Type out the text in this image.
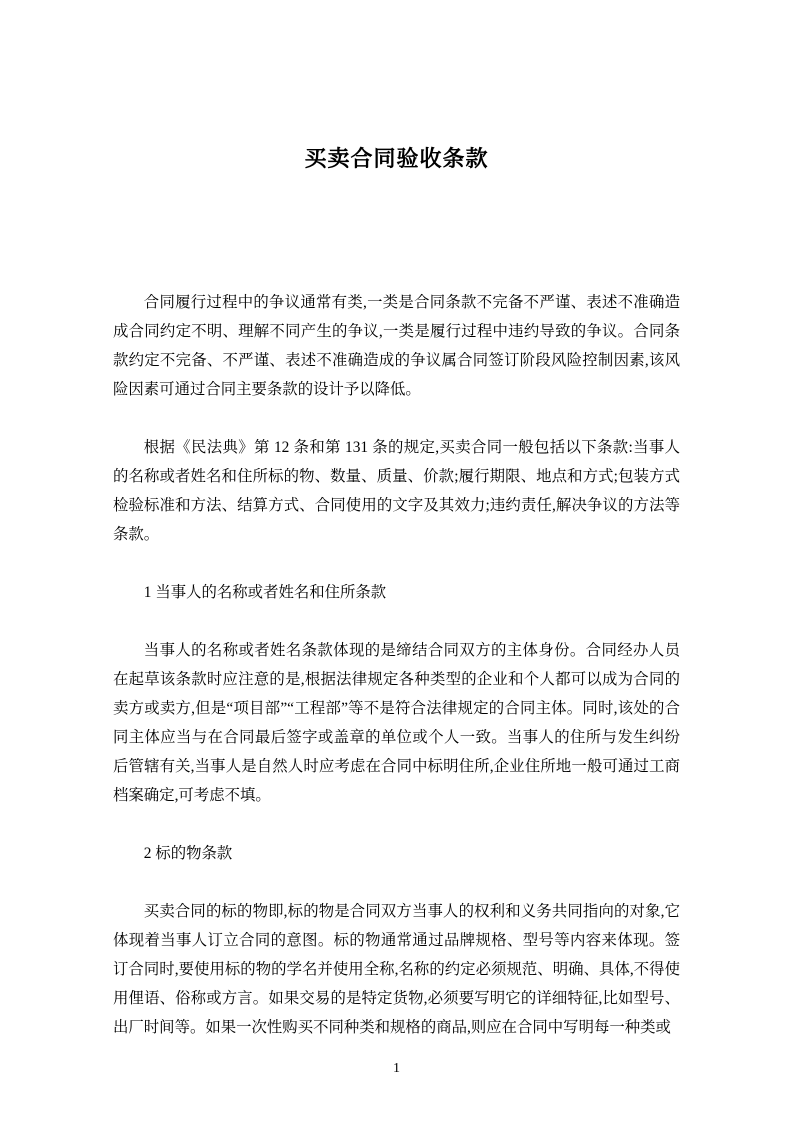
买卖合同验收条款

合同履行过程中的争议通常有类,一类是合同条款不完备不严谨、表述不准确造成合同约定不明、理解不同产生的争议,一类是履行过程中违约导致的争议。合同条款约定不完备、不严谨、表述不准确造成的争议属合同签订阶段风险控制因素,该风险因素可通过合同主要条款的设计予以降低。

根据《民法典》第 12 条和第 131 条的规定,买卖合同一般包括以下条款:当事人的名称或者姓名和住所标的物、数量、质量、价款;履行期限、地点和方式;包装方式检验标准和方法、结算方式、合同使用的文字及其效力;违约责任,解决争议的方法等条款。

1 当事人的名称或者姓名和住所条款

当事人的名称或者姓名条款体现的是缔结合同双方的主体身份。合同经办人员在起草该条款时应注意的是,根据法律规定各种类型的企业和个人都可以成为合同的卖方或卖方,但是“项目部”“工程部”等不是符合法律规定的合同主体。同时,该处的合同主体应当与在合同最后签字或盖章的单位或个人一致。当事人的住所与发生纠纷后管辖有关,当事人是自然人时应考虑在合同中标明住所,企业住所地一般可通过工商档案确定,可考虑不填。

2 标的物条款

买卖合同的标的物即,标的物是合同双方当事人的权利和义务共同指向的对象,它体现着当事人订立合同的意图。标的物通常通过品牌规格、型号等内容来体现。签订合同时,要使用标的物的学名并使用全称,名称的约定必须规范、明确、具体,不得使用俚语、俗称或方言。如果交易的是特定货物,必须要写明它的详细特征,比如型号、出厂时间等。如果一次性购买不同种类和规格的商品,则应在合同中写明每一种类或

1
